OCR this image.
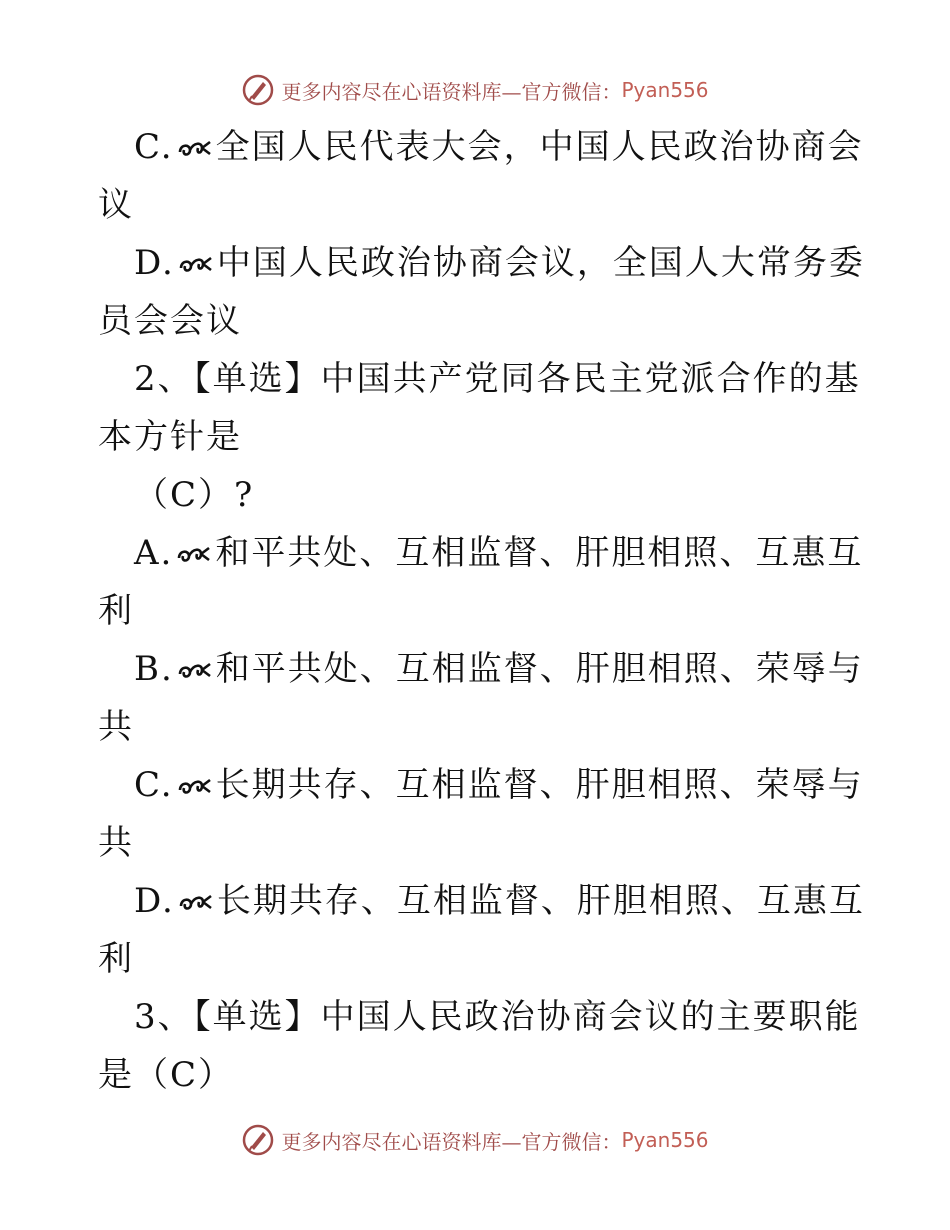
更多内容尽在心语资料库—官方微信： Pyan556
C. 全国人民代表大会，中国人民政治协商会
议
D. 中国人民政治协商会议，全国人大常务委
员会会议
2、【单选】中国共产党同各民主党派合作的基
本方针是
（C）?
A. 和平共处、互相监督、肝胆相照、互惠互
利
B. 和平共处、互相监督、肝胆相照、荣辱与
共
C. 长期共存、互相监督、肝胆相照、荣辱与
共
D. 长期共存、互相监督、肝胆相照、互惠互
利
3、【单选】中国人民政治协商会议的主要职能
是（C）
更多内容尽在心语资料库—官方微信： Pyan556
